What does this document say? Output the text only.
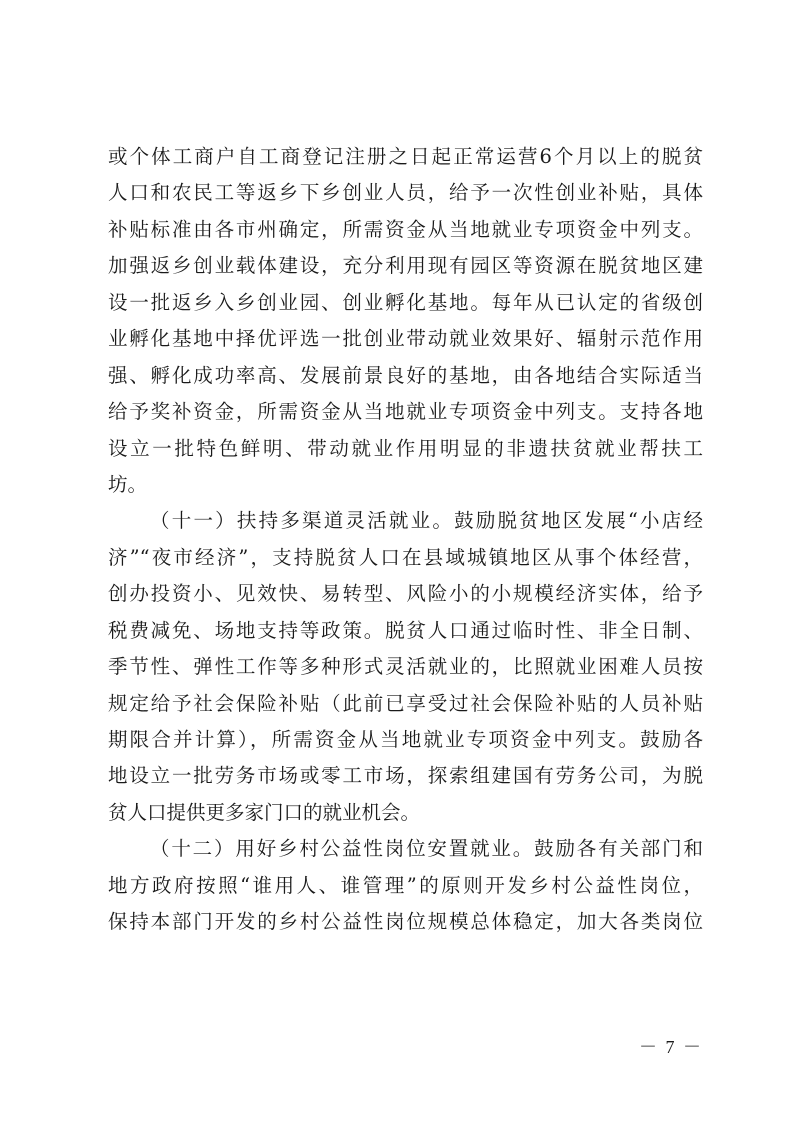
或个体工商户自工商登记注册之日起正常运营6个月以上的脱贫
人口和农民工等返乡下乡创业人员，给予一次性创业补贴，具体
补贴标准由各市州确定，所需资金从当地就业专项资金中列支。
加强返乡创业载体建设，充分利用现有园区等资源在脱贫地区建
设一批返乡入乡创业园、创业孵化基地。每年从已认定的省级创
业孵化基地中择优评选一批创业带动就业效果好、辐射示范作用
强、孵化成功率高、发展前景良好的基地，由各地结合实际适当
给予奖补资金，所需资金从当地就业专项资金中列支。支持各地
设立一批特色鲜明、带动就业作用明显的非遗扶贫就业帮扶工
坊。
（十一）扶持多渠道灵活就业。鼓励脱贫地区发展“小店经
济”“夜市经济”，支持脱贫人口在县域城镇地区从事个体经营，
创办投资小、见效快、易转型、风险小的小规模经济实体，给予
税费减免、场地支持等政策。脱贫人口通过临时性、非全日制、
季节性、弹性工作等多种形式灵活就业的，比照就业困难人员按
规定给予社会保险补贴（此前已享受过社会保险补贴的人员补贴
期限合并计算），所需资金从当地就业专项资金中列支。鼓励各
地设立一批劳务市场或零工市场，探索组建国有劳务公司，为脱
贫人口提供更多家门口的就业机会。
（十二）用好乡村公益性岗位安置就业。鼓励各有关部门和
地方政府按照“谁用人、谁管理”的原则开发乡村公益性岗位，
保持本部门开发的乡村公益性岗位规模总体稳定，加大各类岗位
－ 7 －
